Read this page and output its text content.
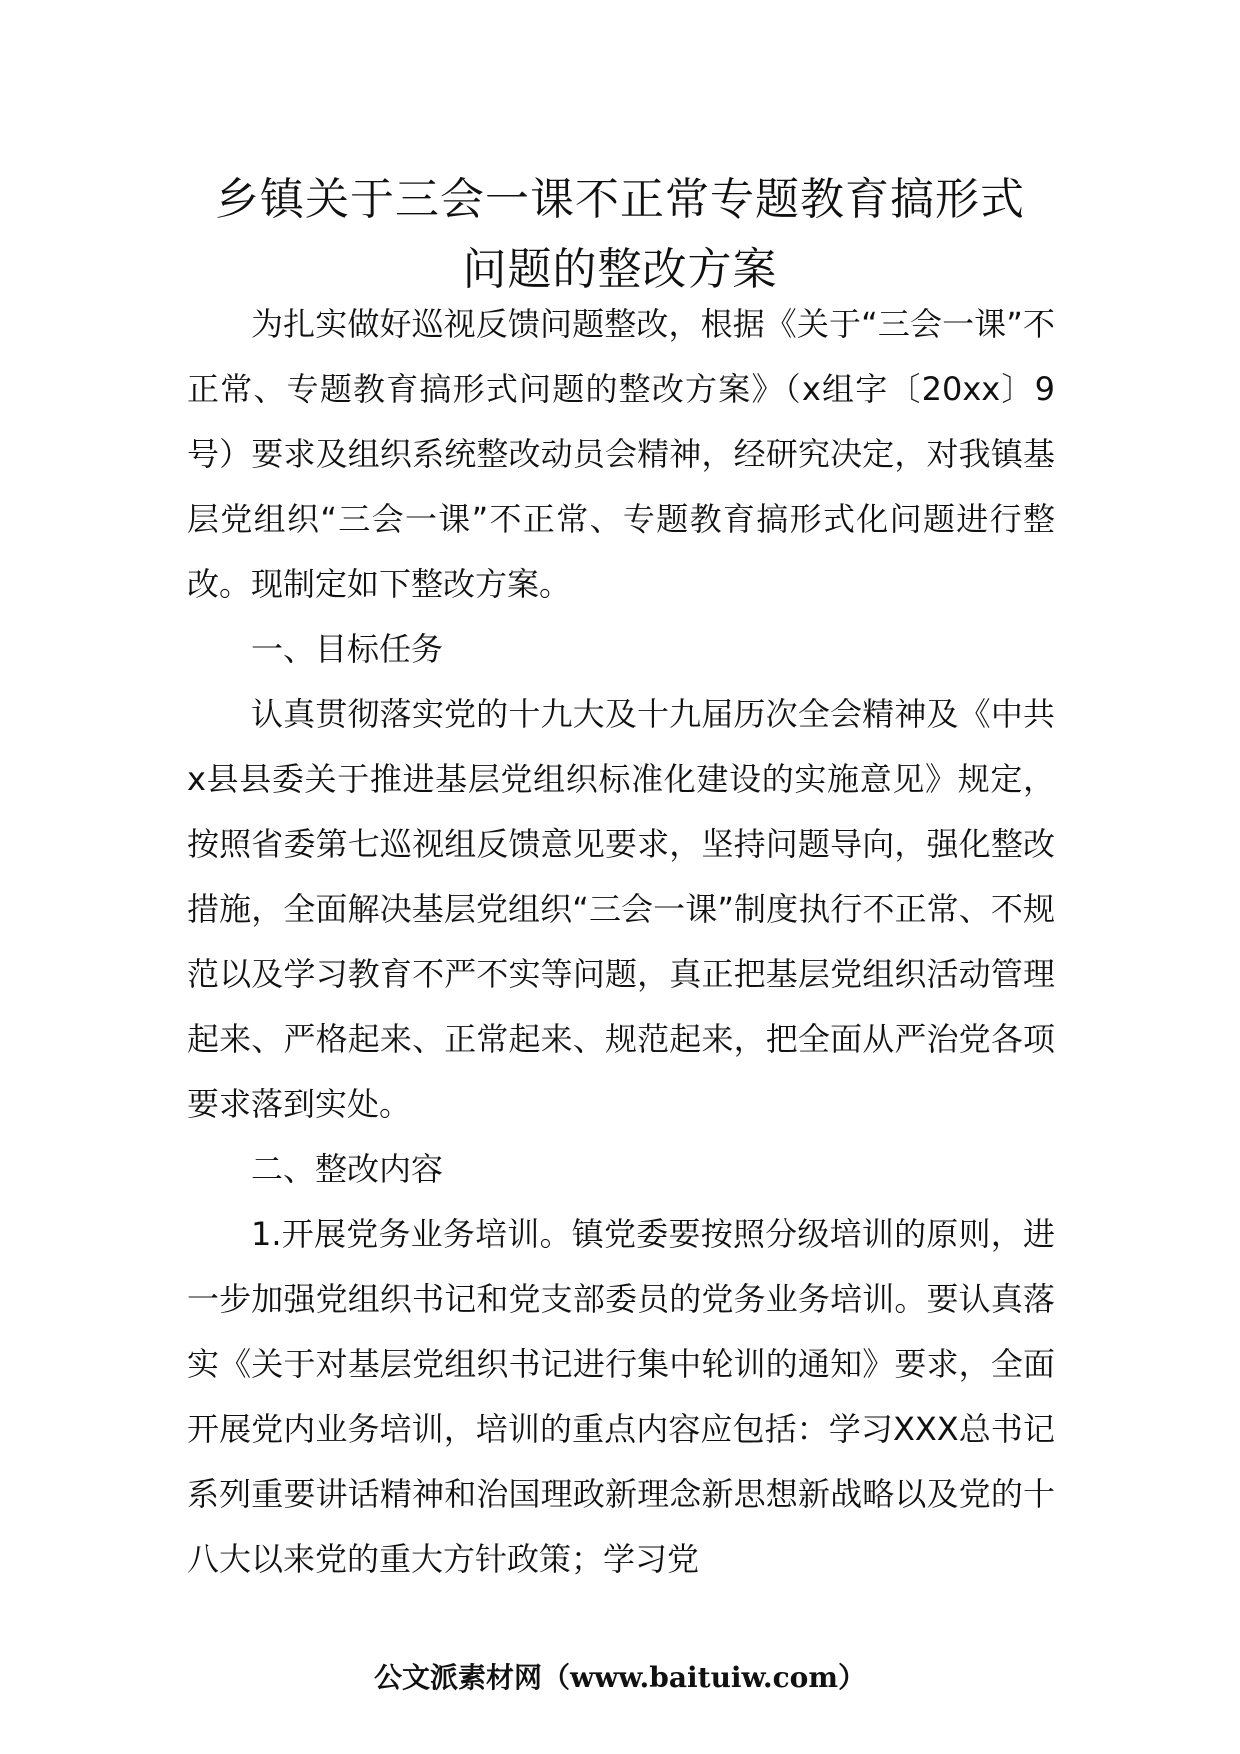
乡镇关于三会一课不正常专题教育搞形式
问题的整改方案

为扎实做好巡视反馈问题整改，根据《关于“三会一课”不正常、专题教育搞形式问题的整改方案》（x组字〔20xx〕9号）要求及组织系统整改动员会精神，经研究决定，对我镇基层党组织“三会一课”不正常、专题教育搞形式化问题进行整改。现制定如下整改方案。

一、目标任务

认真贯彻落实党的十九大及十九届历次全会精神及《中共x县县委关于推进基层党组织标准化建设的实施意见》规定，按照省委第七巡视组反馈意见要求，坚持问题导向，强化整改措施，全面解决基层党组织“三会一课”制度执行不正常、不规范以及学习教育不严不实等问题，真正把基层党组织活动管理起来、严格起来、正常起来、规范起来，把全面从严治党各项要求落到实处。

二、整改内容

1.开展党务业务培训。镇党委要按照分级培训的原则，进一步加强党组织书记和党支部委员的党务业务培训。要认真落实《关于对基层党组织书记进行集中轮训的通知》要求，全面开展党内业务培训，培训的重点内容应包括：学习XXX总书记系列重要讲话精神和治国理政新理念新思想新战略以及党的十八大以来党的重大方针政策；学习党

公文派素材网（www.baituiw.com）
